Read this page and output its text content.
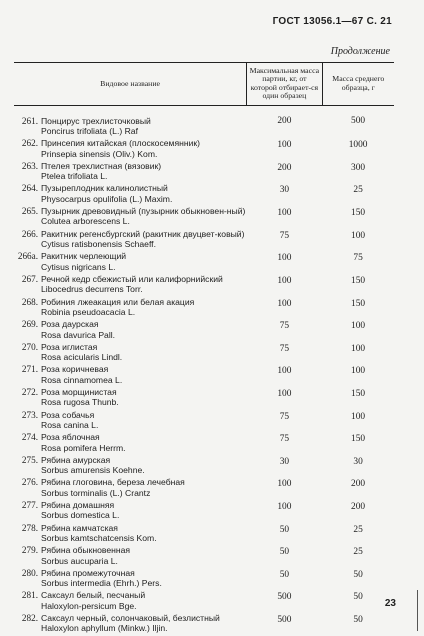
ГОСТ 13056.1—67 С. 21
Продолжение
Видовое название	Максимальная масса партии, кг, от которой отбирает-ся один образец	Масса среднего образца, г

261. Понцирус трехлисточковый
Poncirus trifoliata (L.) Raf	200	500

262. Принсепия китайская (плоскосемянник)
Prinsepia sinensis (Oliv.) Kom.	100	1000

263. Птелея трехлистная (вязовик)
Ptelea trifoliata L.	200	300

264. Пузыреплодник калинолистный
Physocarpus opulifolia (L.) Maxim.	30	25

265. Пузырник древовидный (пузырник обыкновен-ный)
Colutea arborescens L.	100	150

266. Ракитник регенсбургский (ракитник двуцвет-ковый)
Cytisus ratisbonensis Schaeff.	75	100

266а. Ракитник черлеющий
Cytisus nigricans L.	100	75

267. Речной кедр сбежистый или калифорнийский
Libocedrus decurrens Torr.	100	150

268. Робиния лжеакация или белая акация
Robinia pseudoacacia L.	100	150

269. Роза даурская
Rosa davurica Pall.	75	100

270. Роза иглистая
Rosa acicularis Lindl.	75	100

271. Роза коричневая
Rosa cinnamomea L.	100	100

272. Роза морщинистая
Rosa rugosa Thunb.	100	150

273. Роза собачья
Rosa canina L.	75	100

274. Роза яблочная
Rosa pomifera Herrm.	75	150

275. Рябина амурская
Sorbus amurensis Koehne.	30	30

276. Рябина глоговина, береза лечебная
Sorbus torminalis (L.) Crantz	100	200

277. Рябина домашняя
Sorbus domestica L.	100	200

278. Рябина камчатская
Sorbus kamtschatcensis Kom.	50	25

279. Рябина обыкновенная
Sorbus aucuparia L.	50	25

280. Рябина промежуточная
Sorbus intermedia (Ehrh.) Pers.	50	50

281. Саксаул белый, песчаный
Haloxylon-persicum Bge.	500	50

282. Саксаул черный, солончаковый, безлистный
Haloxylon aphyllum (Minkw.) Iljin.	500	50
23
